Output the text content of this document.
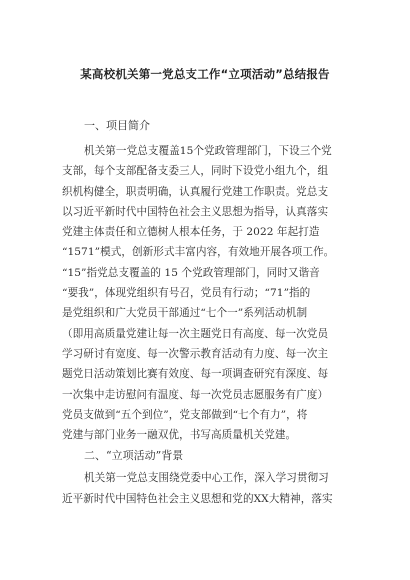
某高校机关第一党总支工作“立项活动”总结报告
一、项目简介
机关第一党总支覆盖15个党政管理部门，下设三个党
支部，每个支部配备支委三人，同时下设党小组九个，组
织机构健全，职责明确，认真履行党建工作职责。党总支
以习近平新时代中国特色社会主义思想为指导，认真落实
党建主体责任和立德树人根本任务，于 2022 年起打造
“1571”模式，创新形式丰富内容，有效地开展各项工作。
“15”指党总支覆盖的 15 个党政管理部门，同时又谐音
“要我”，体现党组织有号召，党员有行动；“71”指的
是党组织和广大党员干部通过“七个一”系列活动机制
（即用高质量党建让每一次主题党日有高度、每一次党员
学习研讨有宽度、每一次警示教育活动有力度、每一次主
题党日活动策划比赛有效度、每一项调查研究有深度、每
一次集中走访慰问有温度、每一次党员志愿服务有广度）
党员支做到“五个到位”，党支部做到“七个有力”，将
党建与部门业务一融双优，书写高质量机关党建。
二、“立项活动”背景
机关第一党总支围绕党委中心工作，深入学习贯彻习
近平新时代中国特色社会主义思想和党的XX大精神，落实
